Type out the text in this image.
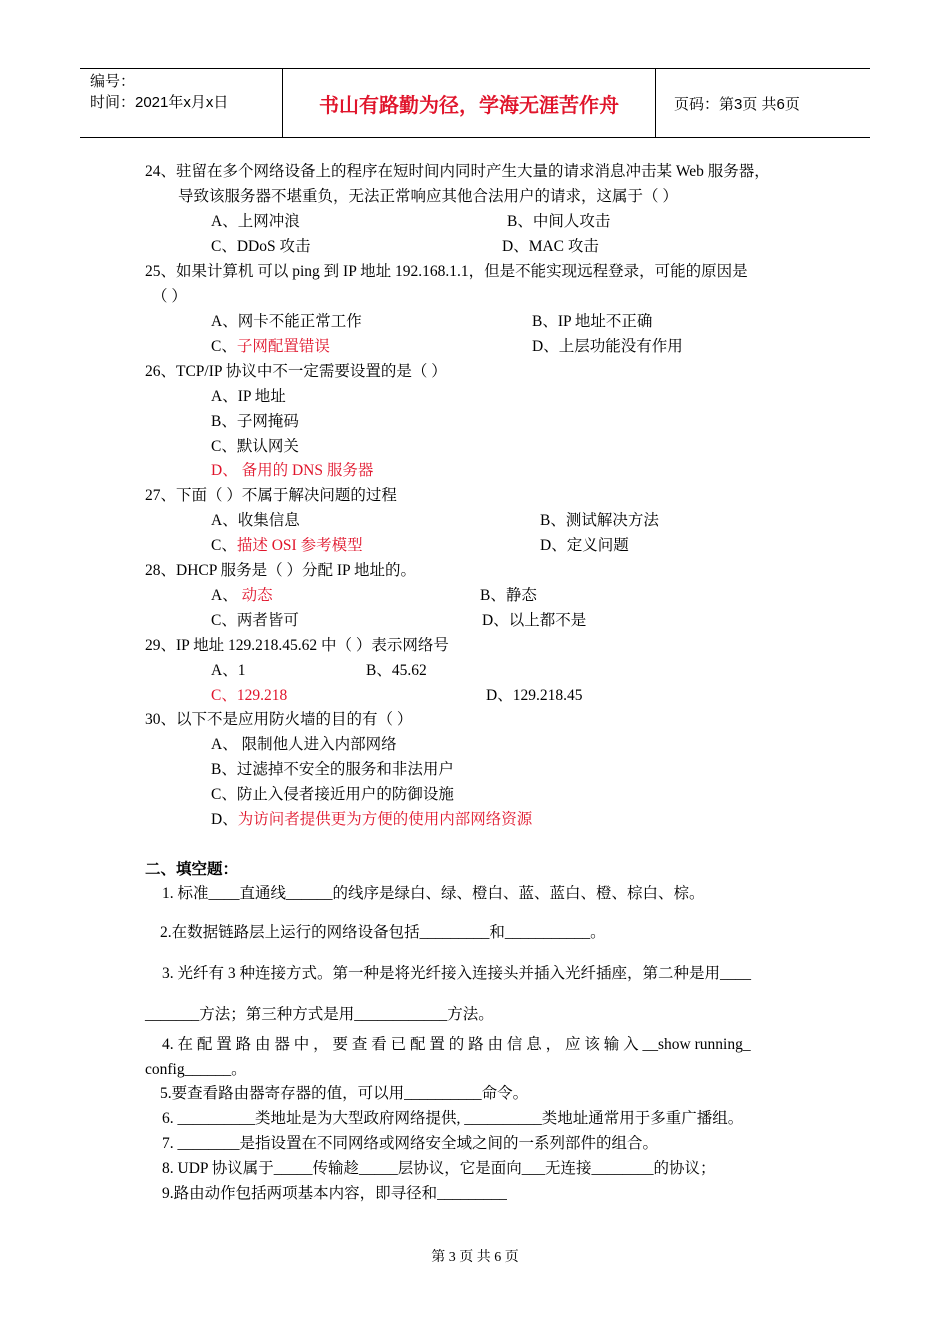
编号：
时间：2021年x月x日	书山有路勤为径，学海无涯苦作舟	页码：第3页 共6页
24、驻留在多个网络设备上的程序在短时间内同时产生大量的请求消息冲击某 Web 服务器，
导致该服务器不堪重负，无法正常响应其他合法用户的请求，这属于（ ）
A、上网冲浪	B、中间人攻击
C、DDoS 攻击	D、MAC 攻击
25、如果计算机 可以 ping 到 IP 地址 192.168.1.1，但是不能实现远程登录，可能的原因是
（ ）
A、网卡不能正常工作	B、IP 地址不正确
C、子网配置错误	D、上层功能没有作用
26、TCP/IP 协议中不一定需要设置的是（ ）
A、IP 地址
B、子网掩码
C、默认网关
D、 备用的 DNS 服务器
27、下面（ ）不属于解决问题的过程
A、收集信息	B、测试解决方法
C、描述 OSI 参考模型	D、定义问题
28、DHCP 服务是（ ）分配 IP 地址的。
A、 动态	B、静态
C、两者皆可	D、以上都不是
29、IP 地址 129.218.45.62 中（ ）表示网络号
A、1	B、45.62
C、129.218	D、129.218.45
30、以下不是应用防火墙的目的有（ ）
A、 限制他人进入内部网络
B、过滤掉不安全的服务和非法用户
C、防止入侵者接近用户的防御设施
D、为访问者提供更为方便的使用内部网络资源
二、填空题：
1. 标准____直通线______的线序是绿白、绿、橙白、蓝、蓝白、橙、棕白、棕。
2.在数据链路层上运行的网络设备包括_________和___________。
3. 光纤有 3 种连接方式。第一种是将光纤接入连接头并插入光纤插座，第二种是用____
_______方法；第三种方式是用____________方法。
4. 在 配 置 路 由 器 中 ， 要 查 看 已 配 置 的 路 由 信 息 ， 应 该 输 入 __show running_
config______。
5.要查看路由器寄存器的值，可以用__________命令。
6. __________类地址是为大型政府网络提供, __________类地址通常用于多重广播组。
7. ________是指设置在不同网络或网络安全域之间的一系列部件的组合。
8. UDP 协议属于_____传输趁_____层协议，它是面向___无连接________的协议；
9.路由动作包括两项基本内容，即寻径和_________
第 3 页 共 6 页
